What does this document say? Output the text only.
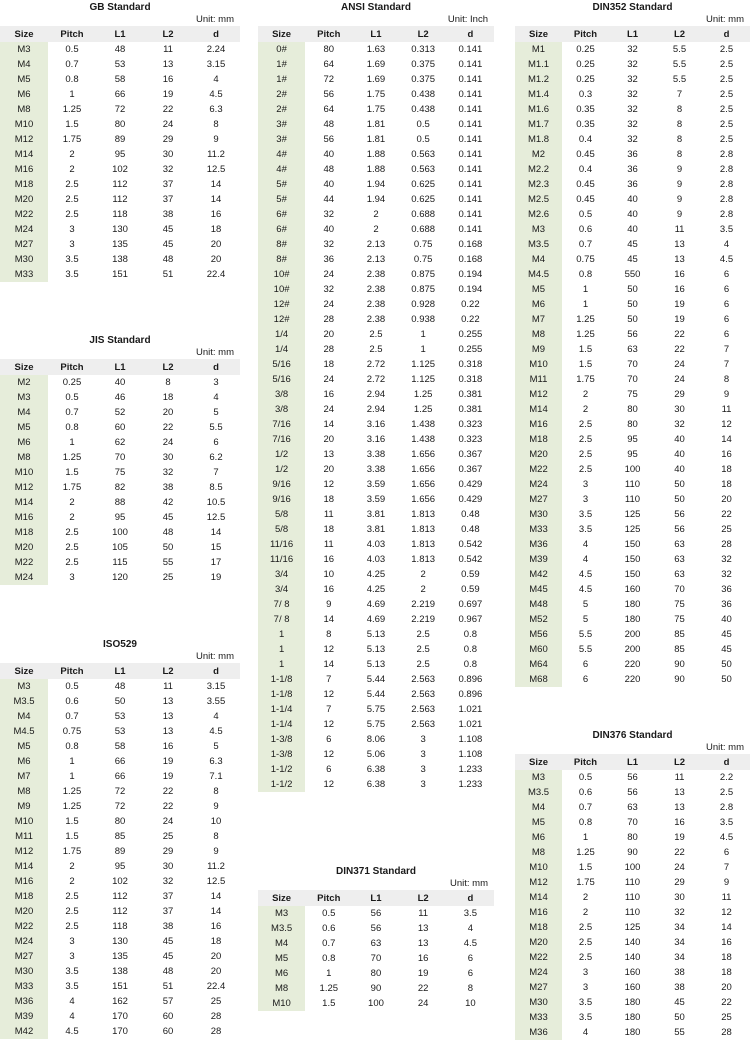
GB Standard
Unit: mm
Size	Pitch	L1	L2	d
M3	0.5	48	11	2.24
M4	0.7	53	13	3.15
M5	0.8	58	16	4
M6	1	66	19	4.5
M8	1.25	72	22	6.3
M10	1.5	80	24	8
M12	1.75	89	29	9
M14	2	95	30	11.2
M16	2	102	32	12.5
M18	2.5	112	37	14
M20	2.5	112	37	14
M22	2.5	118	38	16
M24	3	130	45	18
M27	3	135	45	20
M30	3.5	138	48	20
M33	3.5	151	51	22.4
JIS Standard
Unit: mm
Size	Pitch	L1	L2	d
M2	0.25	40	8	3
M3	0.5	46	18	4
M4	0.7	52	20	5
M5	0.8	60	22	5.5
M6	1	62	24	6
M8	1.25	70	30	6.2
M10	1.5	75	32	7
M12	1.75	82	38	8.5
M14	2	88	42	10.5
M16	2	95	45	12.5
M18	2.5	100	48	14
M20	2.5	105	50	15
M22	2.5	115	55	17
M24	3	120	25	19
ISO529
Unit: mm
Size	Pitch	L1	L2	d
M3	0.5	48	11	3.15
M3.5	0.6	50	13	3.55
M4	0.7	53	13	4
M4.5	0.75	53	13	4.5
M5	0.8	58	16	5
M6	1	66	19	6.3
M7	1	66	19	7.1
M8	1.25	72	22	8
M9	1.25	72	22	9
M10	1.5	80	24	10
M11	1.5	85	25	8
M12	1.75	89	29	9
M14	2	95	30	11.2
M16	2	102	32	12.5
M18	2.5	112	37	14
M20	2.5	112	37	14
M22	2.5	118	38	16
M24	3	130	45	18
M27	3	135	45	20
M30	3.5	138	48	20
M33	3.5	151	51	22.4
M36	4	162	57	25
M39	4	170	60	28
M42	4.5	170	60	28
ANSI Standard
Unit: Inch
Size	Pitch	L1	L2	d
0#	80	1.63	0.313	0.141
1#	64	1.69	0.375	0.141
1#	72	1.69	0.375	0.141
2#	56	1.75	0.438	0.141
2#	64	1.75	0.438	0.141
3#	48	1.81	0.5	0.141
3#	56	1.81	0.5	0.141
4#	40	1.88	0.563	0.141
4#	48	1.88	0.563	0.141
5#	40	1.94	0.625	0.141
5#	44	1.94	0.625	0.141
6#	32	2	0.688	0.141
6#	40	2	0.688	0.141
8#	32	2.13	0.75	0.168
8#	36	2.13	0.75	0.168
10#	24	2.38	0.875	0.194
10#	32	2.38	0.875	0.194
12#	24	2.38	0.928	0.22
12#	28	2.38	0.938	0.22
1/4	20	2.5	1	0.255
1/4	28	2.5	1	0.255
5/16	18	2.72	1.125	0.318
5/16	24	2.72	1.125	0.318
3/8	16	2.94	1.25	0.381
3/8	24	2.94	1.25	0.381
7/16	14	3.16	1.438	0.323
7/16	20	3.16	1.438	0.323
1/2	13	3.38	1.656	0.367
1/2	20	3.38	1.656	0.367
9/16	12	3.59	1.656	0.429
9/16	18	3.59	1.656	0.429
5/8	11	3.81	1.813	0.48
5/8	18	3.81	1.813	0.48
11/16	11	4.03	1.813	0.542
11/16	16	4.03	1.813	0.542
3/4	10	4.25	2	0.59
3/4	16	4.25	2	0.59
7/ 8	9	4.69	2.219	0.697
7/ 8	14	4.69	2.219	0.967
1	8	5.13	2.5	0.8
1	12	5.13	2.5	0.8
1	14	5.13	2.5	0.8
1-1/8	7	5.44	2.563	0.896
1-1/8	12	5.44	2.563	0.896
1-1/4	7	5.75	2.563	1.021
1-1/4	12	5.75	2.563	1.021
1-3/8	6	8.06	3	1.108
1-3/8	12	5.06	3	1.108
1-1/2	6	6.38	3	1.233
1-1/2	12	6.38	3	1.233
DIN371 Standard
Unit: mm
Size	Pitch	L1	L2	d
M3	0.5	56	11	3.5
M3.5	0.6	56	13	4
M4	0.7	63	13	4.5
M5	0.8	70	16	6
M6	1	80	19	6
M8	1.25	90	22	8
M10	1.5	100	24	10
DIN352 Standard
Unit: mm
Size	Pitch	L1	L2	d
M1	0.25	32	5.5	2.5
M1.1	0.25	32	5.5	2.5
M1.2	0.25	32	5.5	2.5
M1.4	0.3	32	7	2.5
M1.6	0.35	32	8	2.5
M1.7	0.35	32	8	2.5
M1.8	0.4	32	8	2.5
M2	0.45	36	8	2.8
M2.2	0.4	36	9	2.8
M2.3	0.45	36	9	2.8
M2.5	0.45	40	9	2.8
M2.6	0.5	40	9	2.8
M3	0.6	40	11	3.5
M3.5	0.7	45	13	4
M4	0.75	45	13	4.5
M4.5	0.8	550	16	6
M5	1	50	16	6
M6	1	50	19	6
M7	1.25	50	19	6
M8	1.25	56	22	6
M9	1.5	63	22	7
M10	1.5	70	24	7
M11	1.75	70	24	8
M12	2	75	29	9
M14	2	80	30	11
M16	2.5	80	32	12
M18	2.5	95	40	14
M20	2.5	95	40	16
M22	2.5	100	40	18
M24	3	110	50	18
M27	3	110	50	20
M30	3.5	125	56	22
M33	3.5	125	56	25
M36	4	150	63	28
M39	4	150	63	32
M42	4.5	150	63	32
M45	4.5	160	70	36
M48	5	180	75	36
M52	5	180	75	40
M56	5.5	200	85	45
M60	5.5	200	85	45
M64	6	220	90	50
M68	6	220	90	50
DIN376 Standard
Unit: mm
Size	Pitch	L1	L2	d
M3	0.5	56	11	2.2
M3.5	0.6	56	13	2.5
M4	0.7	63	13	2.8
M5	0.8	70	16	3.5
M6	1	80	19	4.5
M8	1.25	90	22	6
M10	1.5	100	24	7
M12	1.75	110	29	9
M14	2	110	30	11
M16	2	110	32	12
M18	2.5	125	34	14
M20	2.5	140	34	16
M22	2.5	140	34	18
M24	3	160	38	18
M27	3	160	38	20
M30	3.5	180	45	22
M33	3.5	180	50	25
M36	4	180	55	28
